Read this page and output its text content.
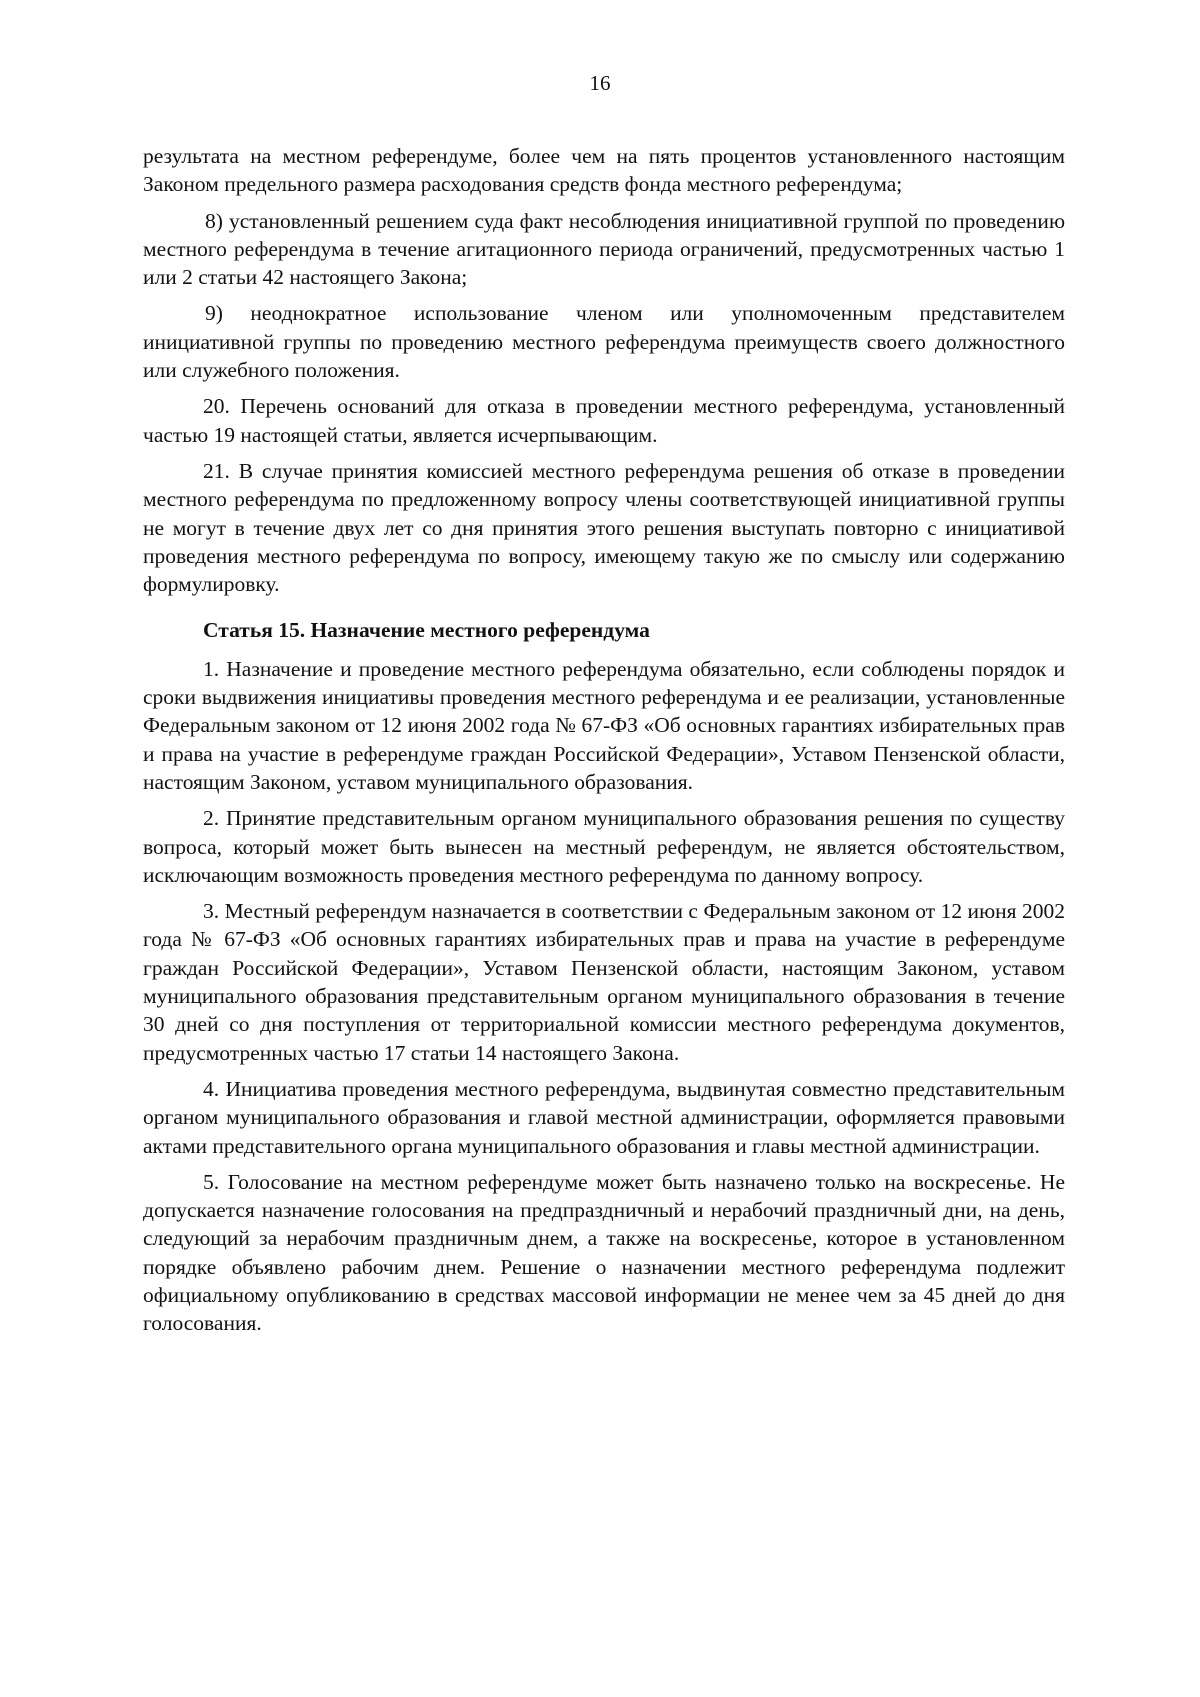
16

результата на местном референдуме, более чем на пять процентов установленного настоящим Законом предельного размера расходования средств фонда местного референдума;

8) установленный решением суда факт несоблюдения инициативной группой по проведению местного референдума в течение агитационного периода ограничений, предусмотренных частью 1 или 2 статьи 42 настоящего Закона;

9) неоднократное использование членом или уполномоченным представителем инициативной группы по проведению местного референдума преимуществ своего должностного или служебного положения.

20. Перечень оснований для отказа в проведении местного референдума, установленный частью 19 настоящей статьи, является исчерпывающим.

21. В случае принятия комиссией местного референдума решения об отказе в проведении местного референдума по предложенному вопросу члены соответствующей инициативной группы не могут в течение двух лет со дня принятия этого решения выступать повторно с инициативой проведения местного референдума по вопросу, имеющему такую же по смыслу или содержанию формулировку.

Статья 15. Назначение местного референдума

1. Назначение и проведение местного референдума обязательно, если соблюдены порядок и сроки выдвижения инициативы проведения местного референдума и ее реализации, установленные Федеральным законом от 12 июня 2002 года № 67-ФЗ «Об основных гарантиях избирательных прав и права на участие в референдуме граждан Российской Федерации», Уставом Пензенской области, настоящим Законом, уставом муниципального образования.

2. Принятие представительным органом муниципального образования решения по существу вопроса, который может быть вынесен на местный референдум, не является обстоятельством, исключающим возможность проведения местного референдума по данному вопросу.

3. Местный референдум назначается в соответствии с Федеральным законом от 12 июня 2002 года № 67-ФЗ «Об основных гарантиях избирательных прав и права на участие в референдуме граждан Российской Федерации», Уставом Пензенской области, настоящим Законом, уставом муниципального образования представительным органом муниципального образования в течение 30 дней со дня поступления от территориальной комиссии местного референдума документов, предусмотренных частью 17 статьи 14 настоящего Закона.

4. Инициатива проведения местного референдума, выдвинутая совместно представительным органом муниципального образования и главой местной администрации, оформляется правовыми актами представительного органа муниципального образования и главы местной администрации.

5. Голосование на местном референдуме может быть назначено только на воскресенье. Не допускается назначение голосования на предпраздничный и нерабочий праздничный дни, на день, следующий за нерабочим праздничным днем, а также на воскресенье, которое в установленном порядке объявлено рабочим днем. Решение о назначении местного референдума подлежит официальному опубликованию в средствах массовой информации не менее чем за 45 дней до дня голосования.
